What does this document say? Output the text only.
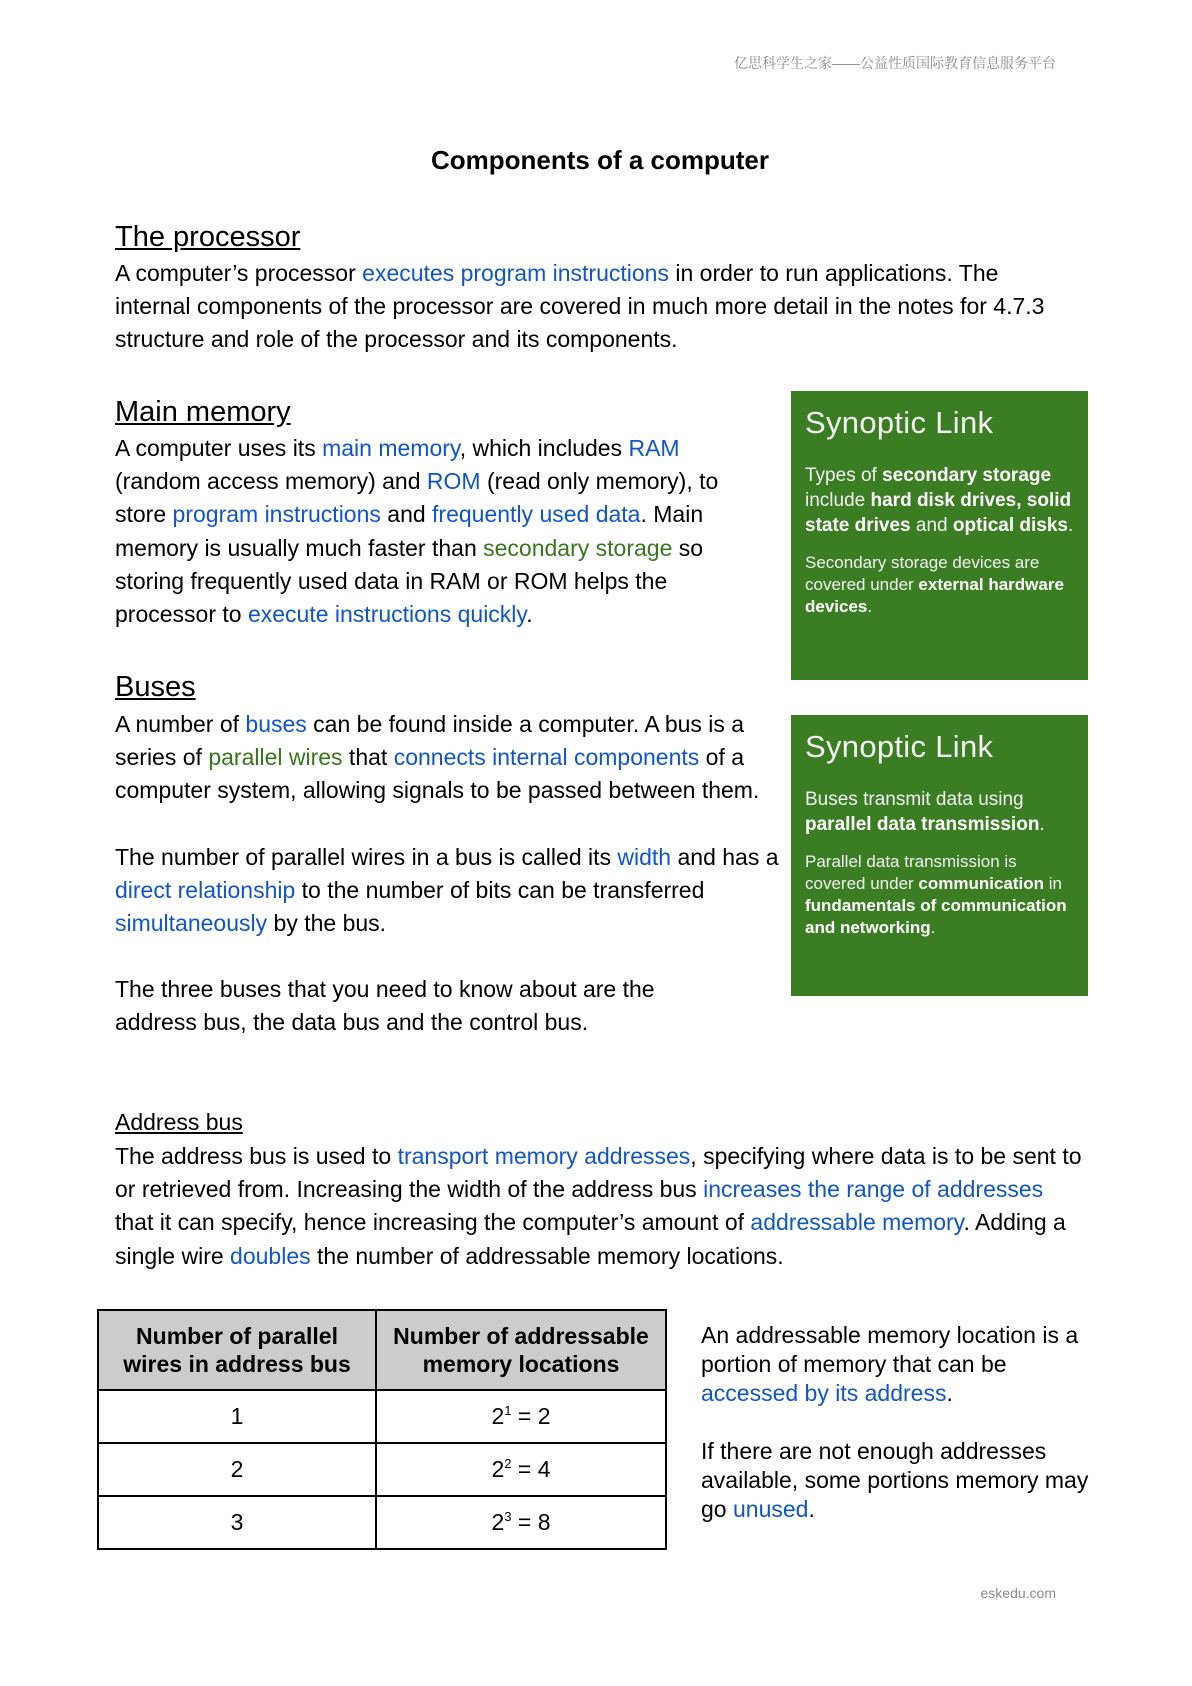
亿思科学生之家——公益性质国际教育信息服务平台
Components of a computer
The processor
A computer’s processor executes program instructions in order to run applications. The internal components of the processor are covered in much more detail in the notes for 4.7.3 structure and role of the processor and its components.
Main memory
A computer uses its main memory, which includes RAM (random access memory) and ROM (read only memory), to store program instructions and frequently used data. Main memory is usually much faster than secondary storage so storing frequently used data in RAM or ROM helps the processor to execute instructions quickly.
Synoptic Link

Types of secondary storage include hard disk drives, solid state drives and optical disks.

Secondary storage devices are covered under external hardware devices.

Buses

A number of buses can be found inside a computer. A bus is a series of parallel wires that connects internal components of a computer system, allowing signals to be passed between them.

The number of parallel wires in a bus is called its width and has a direct relationship to the number of bits can be transferred simultaneously by the bus.

The three buses that you need to know about are the address bus, the data bus and the control bus.

Synoptic Link

Buses transmit data using parallel data transmission.

Parallel data transmission is covered under communication in fundamentals of communication and networking.

Address bus
The address bus is used to transport memory addresses, specifying where data is to be sent to or retrieved from. Increasing the width of the address bus increases the range of addresses that it can specify, hence increasing the computer’s amount of addressable memory. Adding a single wire doubles the number of addressable memory locations.
Number of parallel wires in address bus	Number of addressable memory locations
1	$2^1 = 2$
2	$2^2 = 4$
3	$2^3 = 8$

An addressable memory location is a portion of memory that can be accessed by its address.

If there are not enough addresses available, some portions memory may go unused.

eskedu.com
